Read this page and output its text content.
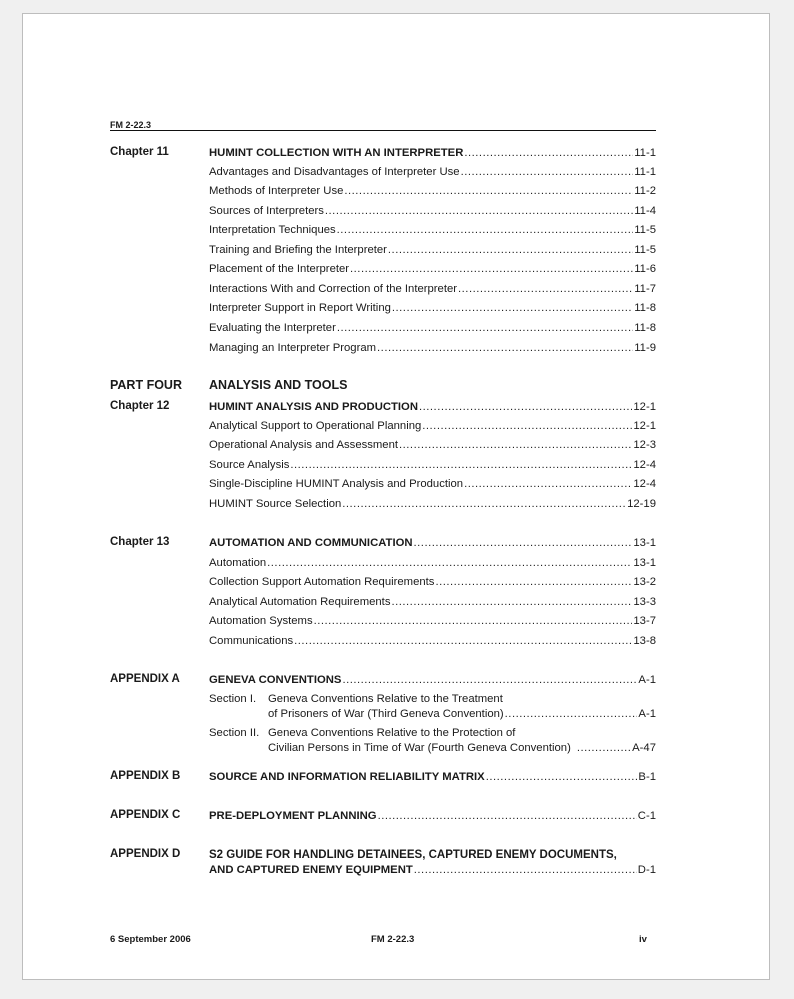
FM 2-22.3
Chapter 11	HUMINT COLLECTION WITH AN INTERPRETER .....	11-1
Advantages and Disadvantages of Interpreter Use .....	11-1
Methods of Interpreter Use .....	11-2
Sources of Interpreters .....	11-4
Interpretation Techniques .....	11-5
Training and Briefing the Interpreter .....	11-5
Placement of the Interpreter .....	11-6
Interactions With and Correction of the Interpreter .....	11-7
Interpreter Support in Report Writing .....	11-8
Evaluating the Interpreter .....	11-8
Managing an Interpreter Program .....	11-9
PART FOUR ANALYSIS AND TOOLS
Chapter 12	HUMINT ANALYSIS AND PRODUCTION .....	12-1
Analytical Support to Operational Planning .....	12-1
Operational Analysis and Assessment .....	12-3
Source Analysis .....	12-4
Single-Discipline HUMINT Analysis and Production .....	12-4
HUMINT Source Selection .....	12-19
Chapter 13	AUTOMATION AND COMMUNICATION .....	13-1
Automation .....	13-1
Collection Support Automation Requirements .....	13-2
Analytical Automation Requirements .....	13-3
Automation Systems .....	13-7
Communications .....	13-8
APPENDIX A	GENEVA CONVENTIONS .....	A-1
Section I. Geneva Conventions Relative to the Treatment
of Prisoners of War (Third Geneva Convention) .....	A-1
Section II. Geneva Conventions Relative to the Protection of
Civilian Persons in Time of War (Fourth Geneva Convention) .....	A-47
APPENDIX B	SOURCE AND INFORMATION RELIABILITY MATRIX .....	B-1
APPENDIX C	PRE-DEPLOYMENT PLANNING .....	C-1
APPENDIX D S2 GUIDE FOR HANDLING DETAINEES, CAPTURED ENEMY DOCUMENTS,
AND CAPTURED ENEMY EQUIPMENT .....	D-1
6 September 2006	FM 2-22.3	iv
